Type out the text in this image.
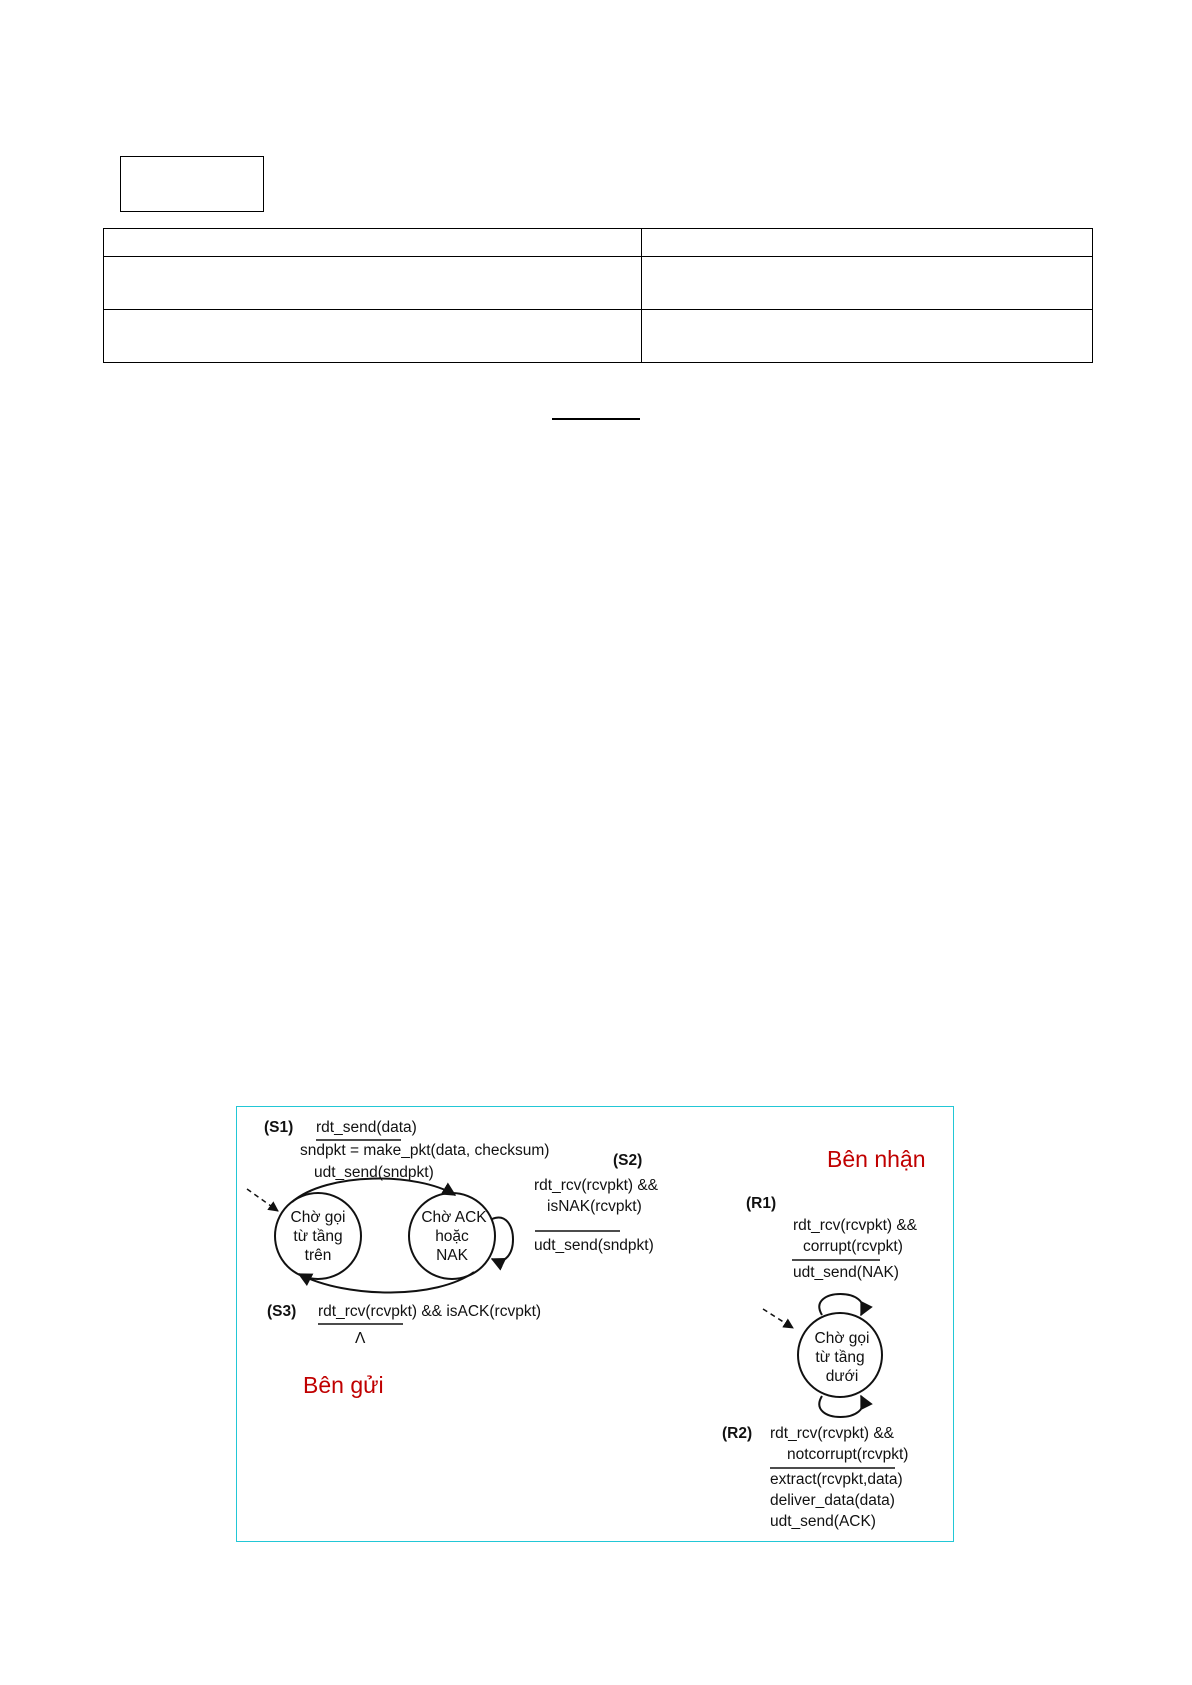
(S1) rdt_send(data)
sndpkt = make_pkt(data, checksum)
udt_send(sndpkt)
(S2)
rdt_rcv(rcvpkt) &&
isNAK(rcvpkt)
udt_send(sndpkt)
Chờ gọi
từ tầng
trên
Chờ ACK
hoặc
NAK
(S3) rdt_rcv(rcvpkt) && isACK(rcvpkt)
Λ
Bên gửi
Bên nhận
(R1)
rdt_rcv(rcvpkt) &&
corrupt(rcvpkt)
udt_send(NAK)
Chờ gọi
từ tầng
dưới
(R2) rdt_rcv(rcvpkt) &&
notcorrupt(rcvpkt)
extract(rcvpkt,data)
deliver_data(data)
udt_send(ACK)
